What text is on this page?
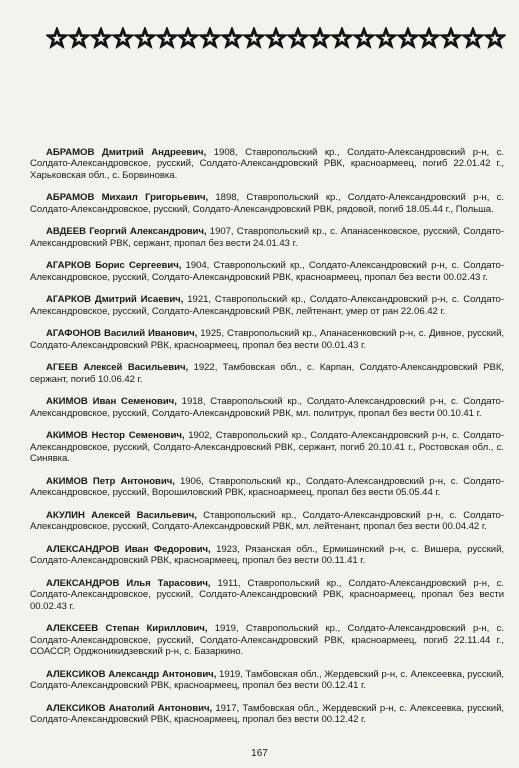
АБРАМОВ Дмитрий Андреевич, 1908, Ставропольский кр., Солдато-Александровский р-н, с. Солдато-Александровское, русский, Солдато-Александровский РВК, красноармеец, погиб 22.01.42 г., Харьковская обл., с. Борвиновка.

АБРАМОВ Михаил Григорьевич, 1898, Ставропольский кр., Солдато-Александровский р-н, с. Солдато-Александровское, русский, Солдато-Александровский РВК, рядовой, погиб 18.05.44 г., Польша.

АВДЕЕВ Георгий Александрович, 1907, Ставропольский кр., с. Апанасенковское, русский, Солдато-Александровский РВК, сержант, пропал без вести 24.01.43 г.

АГАРКОВ Борис Сергеевич, 1904, Ставропольский кр., Солдато-Александровский р-н, с. Солдато-Александровское, русский, Солдато-Александровский РВК, красноармеец, пропал без вести 00.02.43 г.

АГАРКОВ Дмитрий Исаевич, 1921, Ставропольский кр., Солдато-Александровский р-н, с. Солдато-Александровское, русский, Солдато-Александровский РВК, лейтенант, умер от ран 22.06.42 г.

АГАФОНОВ Василий Иванович, 1925, Ставропольский кр., Апанасенковский р-н, с. Дивное, русский, Солдато-Александровский РВК, красноармеец, пропал без вести 00.01.43 г.

АГЕЕВ Алексей Васильевич, 1922, Тамбовская обл., с. Карпан, Солдато-Александровский РВК, сержант, погиб 10.06.42 г.

АКИМОВ Иван Семенович, 1918, Ставропольский кр., Солдато-Александровский р-н, с. Солдато-Александровское, русский, Солдато-Александровский РВК, мл. политрук, пропал без вести 00.10.41 г.

АКИМОВ Нестор Семенович, 1902, Ставропольский кр., Солдато-Александровский р-н, с. Солдато-Александровское, русский, Солдато-Александровский РВК, сержант, погиб 20.10.41 г., Ростовская обл., с. Синявка.

АКИМОВ Петр Антонович, 1906, Ставропольский кр., Солдато-Александровский р-н, с. Солдато-Александровское, русский, Ворошиловский РВК, красноармеец, пропал без вести 05.05.44 г.

АКУЛИН Алексей Васильевич, Ставропольский кр., Солдато-Александровский р-н, с. Солдато-Александровское, русский, Солдато-Александровский РВК, мл. лейтенант, пропал без вести 00.04.42 г.

АЛЕКСАНДРОВ Иван Федорович, 1923, Рязанская обл., Ермишинский р-н, с. Вишера, русский, Солдато-Александровский РВК, красноармеец, пропал без вести 00.11.41 г.

АЛЕКСАНДРОВ Илья Тарасович, 1911, Ставропольский кр., Солдато-Александровский р-н, с. Солдато-Александровское, русский, Солдато-Александровский РВК, красноармеец, пропал без вести 00.02.43 г.

АЛЕКСЕЕВ Степан Кириллович, 1919, Ставропольский кр., Солдато-Александровский р-н, с. Солдато-Александровское, русский, Солдато-Александровский РВК, красноармеец, погиб 22.11.44 г., СОАССР, Орджоникидзевский р-н, с. Базаркино.

АЛЕКСИКОВ Александр Антонович, 1919, Тамбовская обл., Жердевский р-н, с. Алексеевка, русский, Солдато-Александровский РВК, красноармеец, пропал без вести 00.12.41 г.

АЛЕКСИКОВ Анатолий Антонович, 1917, Тамбовская обл., Жердевский р-н, с. Алексеевка, русский, Солдато-Александровский РВК, красноармеец, пропал без вести 00.12.42 г.

167
